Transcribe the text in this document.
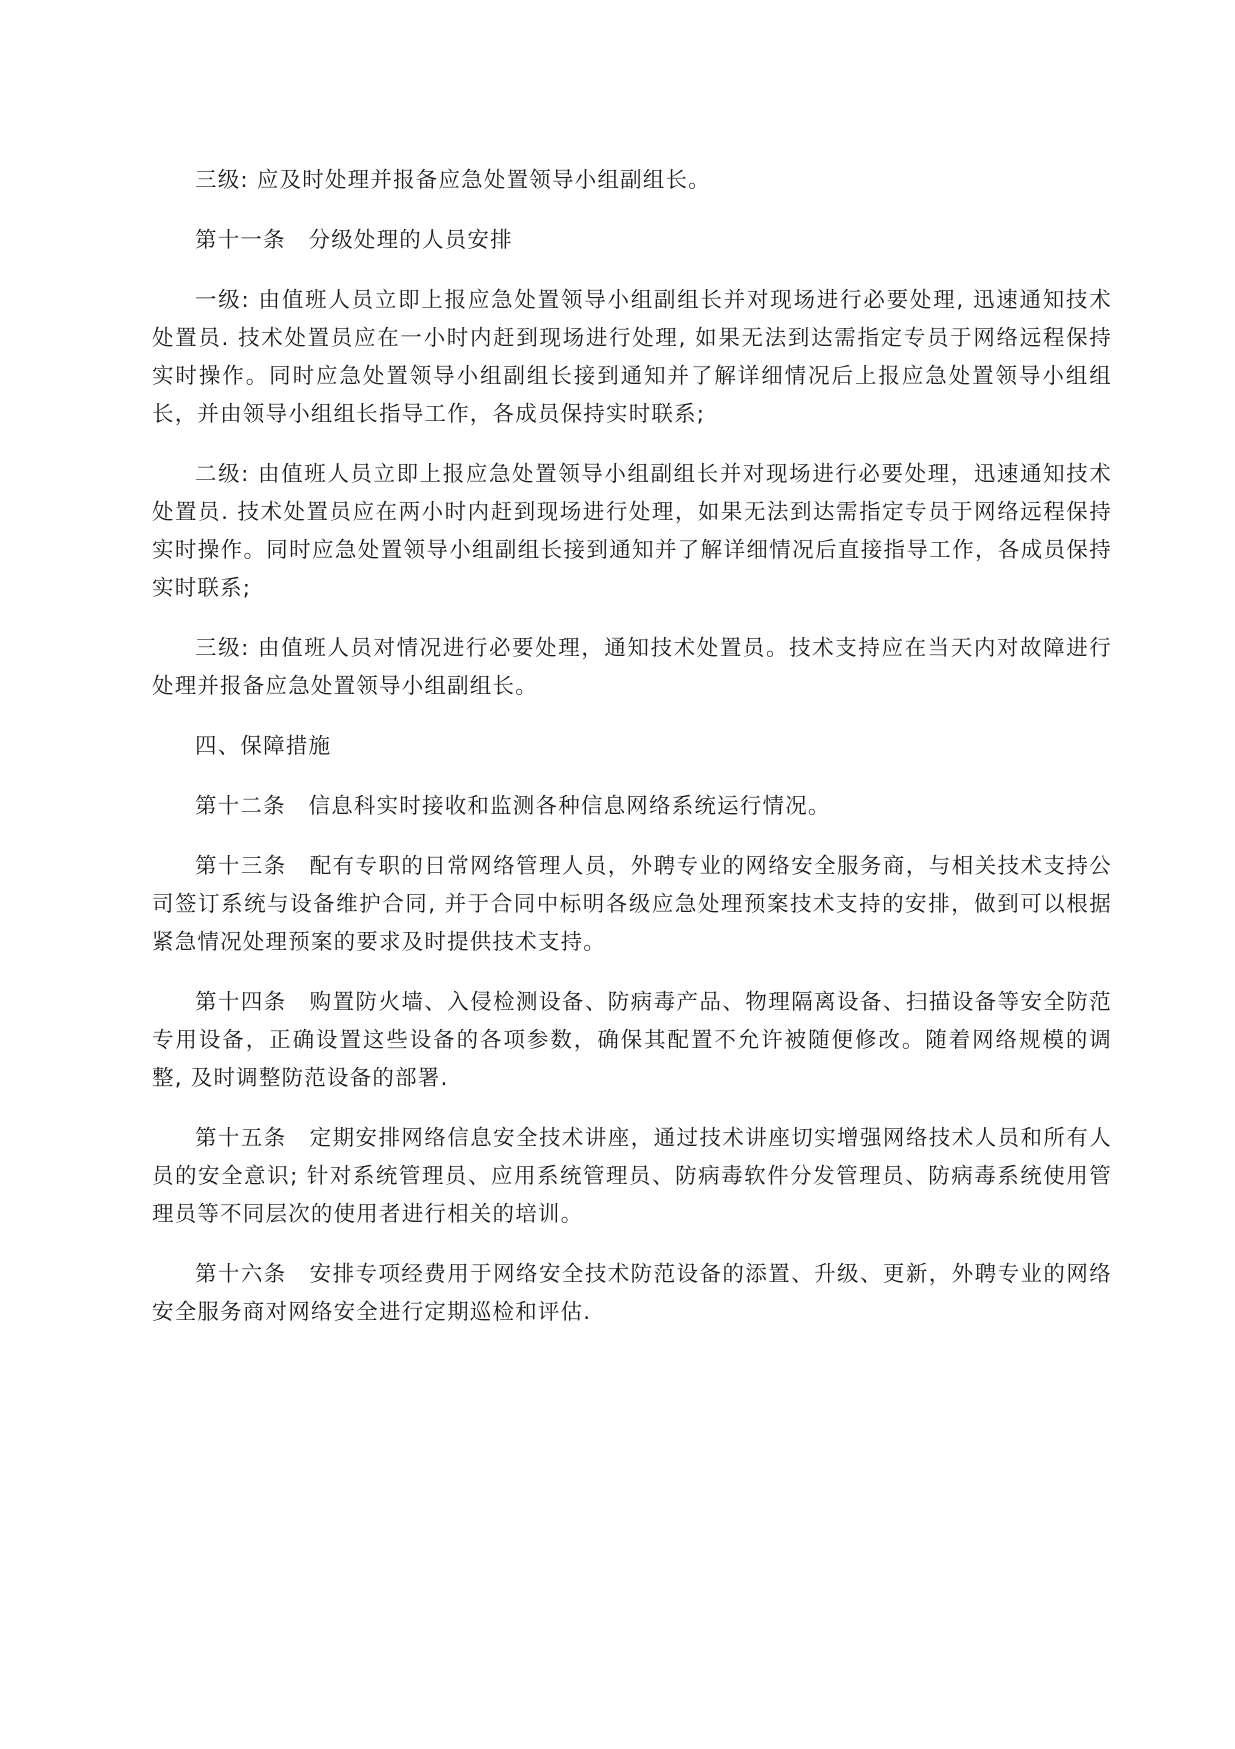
三级: 应及时处理并报备应急处置领导小组副组长。

第十一条　分级处理的人员安排

一级: 由值班人员立即上报应急处置领导小组副组长并对现场进行必要处理, 迅速通知技术处置员. 技术处置员应在一小时内赶到现场进行处理, 如果无法到达需指定专员于网络远程保持实时操作。同时应急处置领导小组副组长接到通知并了解详细情况后上报应急处置领导小组组长，并由领导小组组长指导工作，各成员保持实时联系;

二级: 由值班人员立即上报应急处置领导小组副组长并对现场进行必要处理，迅速通知技术处置员. 技术处置员应在两小时内赶到现场进行处理，如果无法到达需指定专员于网络远程保持实时操作。同时应急处置领导小组副组长接到通知并了解详细情况后直接指导工作，各成员保持实时联系;

三级: 由值班人员对情况进行必要处理，通知技术处置员。技术支持应在当天内对故障进行处理并报备应急处置领导小组副组长。

四、保障措施

第十二条　信息科实时接收和监测各种信息网络系统运行情况。

第十三条　配有专职的日常网络管理人员，外聘专业的网络安全服务商，与相关技术支持公司签订系统与设备维护合同, 并于合同中标明各级应急处理预案技术支持的安排，做到可以根据紧急情况处理预案的要求及时提供技术支持。

第十四条　购置防火墙、入侵检测设备、防病毒产品、物理隔离设备、扫描设备等安全防范专用设备，正确设置这些设备的各项参数，确保其配置不允许被随便修改。随着网络规模的调整, 及时调整防范设备的部署.

第十五条　定期安排网络信息安全技术讲座，通过技术讲座切实增强网络技术人员和所有人员的安全意识; 针对系统管理员、应用系统管理员、防病毒软件分发管理员、防病毒系统使用管理员等不同层次的使用者进行相关的培训。

第十六条　安排专项经费用于网络安全技术防范设备的添置、升级、更新，外聘专业的网络安全服务商对网络安全进行定期巡检和评估.
